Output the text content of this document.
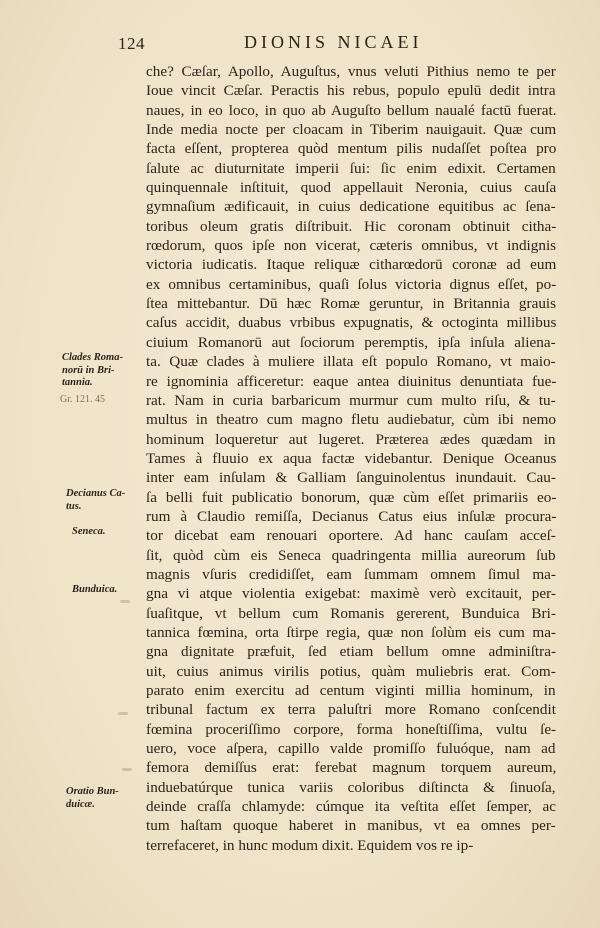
124	DIONIS NICAEI
che? Cæſar, Apollo, Auguſtus, vnus veluti Pithius nemo te per
Ioue vincit Cæſar. Peractis his rebus, populo epulū dedit intra
naues, in eo loco, in quo ab Auguſto bellum naualé factū fuerat.
Inde media nocte per cloacam in Tiberim nauigauit. Quæ cum
facta eſſent, propterea quòd mentum pilis nudaſſet poſtea pro
ſalute ac diuturnitate imperii ſui: ſic enim edixit. Certamen
quinquennale inſtituit, quod appellauit Neronia, cuius cauſa
gymnaſium ædificauit, in cuius dedicatione equitibus ac ſena-
toribus oleum gratis diſtribuit. Hic coronam obtinuit citha-
rœdorum, quos ipſe non vicerat, cæteris omnibus, vt indignis
victoria iudicatis. Itaque reliquæ citharœdorū coronæ ad eum
ex omnibus certaminibus, quaſi ſolus victoria dignus eſſet, po-
ſtea mittebantur. Dū hæc Romæ geruntur, in Britannia grauis
caſus accidit, duabus vrbibus expugnatis, & octoginta millibus
ciuium Romanorū aut ſociorum peremptis, ipſa inſula aliena-
ta. Quæ clades à muliere illata eſt populo Romano, vt maio-
re ignominia afficeretur: eaque antea diuinitus denuntiata fue-
rat. Nam in curia barbaricum murmur cum multo riſu, & tu-
multus in theatro cum magno fletu audiebatur, cùm ibi nemo
hominum loqueretur aut lugeret. Præterea ædes quædam in
Tames à fluuio ex aqua factæ videbantur. Denique Oceanus
inter eam inſulam & Galliam ſanguinolentus inundauit. Cau-
ſa belli fuit publicatio bonorum, quæ cùm eſſet primariis eo-
rum à Claudio remiſſa, Decianus Catus eius inſulæ procura-
tor dicebat eam renouari oportere. Ad hanc cauſam acceſ-
ſit, quòd cùm eis Seneca quadringenta millia aureorum ſub
magnis vſuris credidiſſet, eam ſummam omnem ſimul ma-
gna vi atque violentia exigebat: maximè verò excitauit, per-
ſuaſitque, vt bellum cum Romanis gererent, Bunduica Bri-
tannica fœmina, orta ſtirpe regia, quæ non ſolùm eis cum ma-
gna dignitate præfuit, ſed etiam bellum omne adminiſtra-
uit, cuius animus virilis potius, quàm muliebris erat. Com-
parato enim exercitu ad centum viginti millia hominum, in
tribunal factum ex terra paluſtri more Romano conſcendit
fœmina proceriſſimo corpore, forma honeſtiſſima, vultu ſe-
uero, voce aſpera, capillo valde promiſſo fuluóque, nam ad
femora demiſſus erat: ferebat magnum torquem aureum,
induebatúrque tunica variis coloribus diſtincta & ſinuoſa,
deinde craſſa chlamyde: cúmque ita veſtita eſſet ſemper, ac
tum haſtam quoque haberet in manibus, vt ea omnes per-
terrefaceret, in hunc modum dixit. Equidem vos re ip-
Clades Roma-
norū in Bri-
tannia.
Gr. 121. 45
Decianus Ca-
tus.
Seneca.
Bunduica.
Oratio Bun-
duicæ.
